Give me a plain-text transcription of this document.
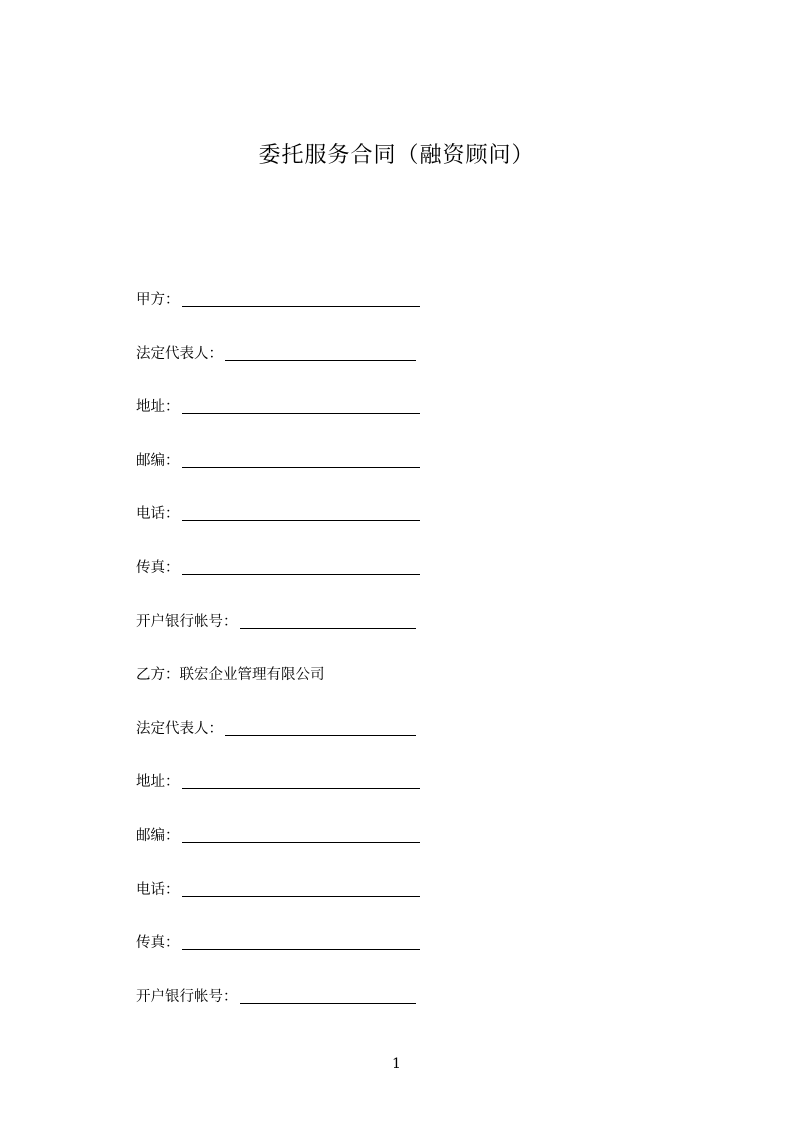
委托服务合同（融资顾问）
甲方：
法定代表人：
地址：
邮编：
电话：
传真：
开户银行帐号：
乙方： 联宏企业管理有限公司
法定代表人：
地址：
邮编：
电话：
传真：
开户银行帐号：
1
